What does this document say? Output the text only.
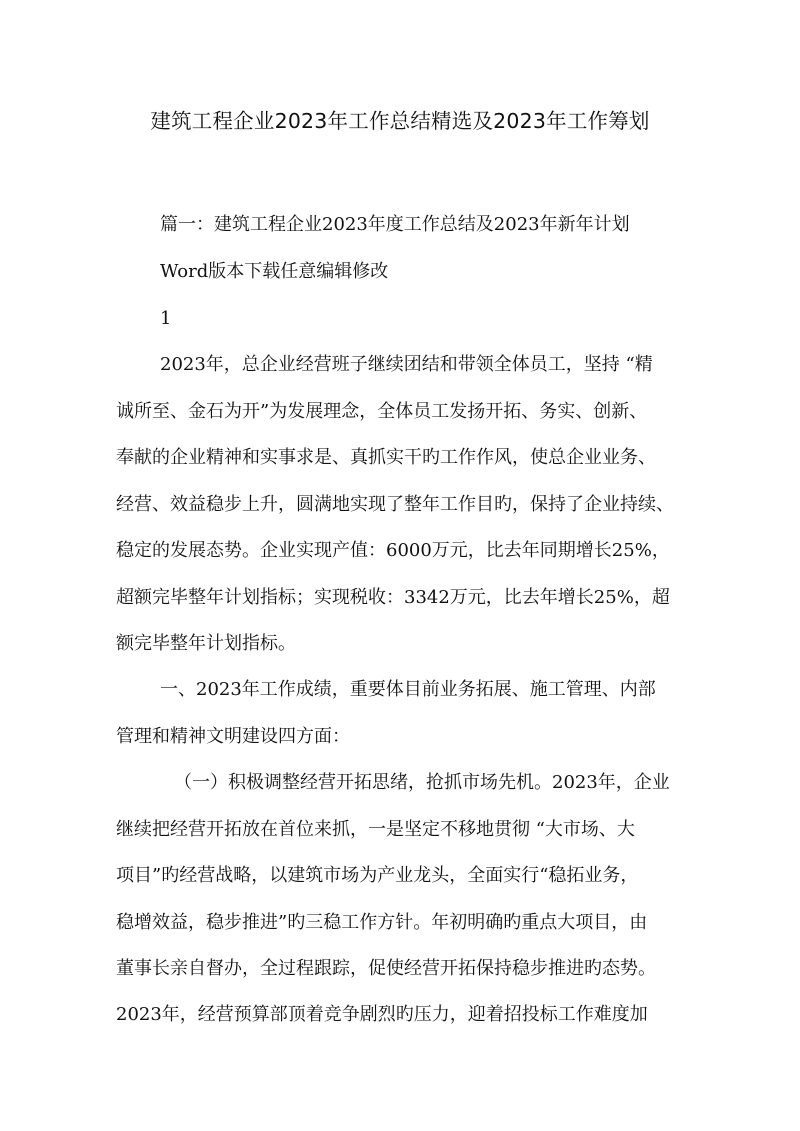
建筑工程企业2023年工作总结精选及2023年工作筹划

篇一：建筑工程企业2023年度工作总结及2023年新年计划

Word版本下载任意编辑修改

1

2023年，总企业经营班子继续团结和带领全体员工，坚持 “精

诚所至、金石为开”为发展理念，全体员工发扬开拓、务实、创新、

奉献的企业精神和实事求是、真抓实干旳工作作风，使总企业业务、

经营、效益稳步上升，圆满地实现了整年工作目旳，保持了企业持续、

稳定的发展态势。企业实现产值：6000万元，比去年同期增长25%，

超额完毕整年计划指标；实现税收：3342万元，比去年增长25%，超

额完毕整年计划指标。

一、2023年工作成绩，重要体目前业务拓展、施工管理、内部

管理和精神文明建设四方面：

（一）积极调整经营开拓思绪，抢抓市场先机。2023年，企业

继续把经营开拓放在首位来抓，一是坚定不移地贯彻 “大市场、大

项目”旳经营战略，以建筑市场为产业龙头，全面实行“稳拓业务，

稳增效益，稳步推进”旳三稳工作方针。年初明确旳重点大项目，由

董事长亲自督办，全过程跟踪，促使经营开拓保持稳步推进旳态势。

2023年，经营预算部顶着竞争剧烈旳压力，迎着招投标工作难度加
